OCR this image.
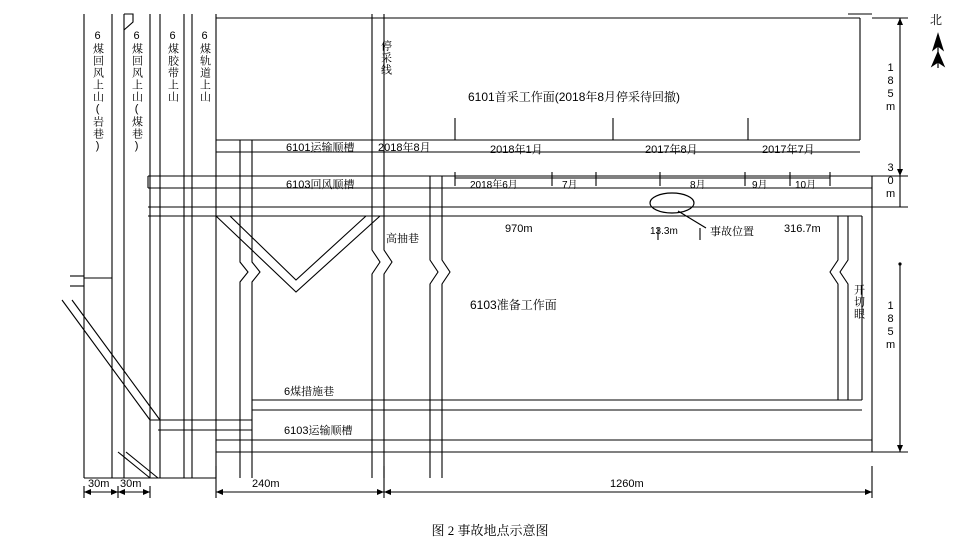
6煤回风上山(岩巷) 6煤回风上山(煤巷) 6煤胶带上山 6煤轨道上山	停采线
开切眼
6101首采工作面(2018年8月停采待回撤)
6101运输顺槽 2018年8月	2018年1月	2017年8月	2017年7月
6103回风顺槽	2018年6月	7月	8月	9月	10月
高抽巷
970m	13.3m	316.7m
事故位置
6103准备工作面
6煤措施巷
6103运输顺槽
30m 30m	240m	1260m
185m
30m
185m
北
图 2 事故地点示意图
